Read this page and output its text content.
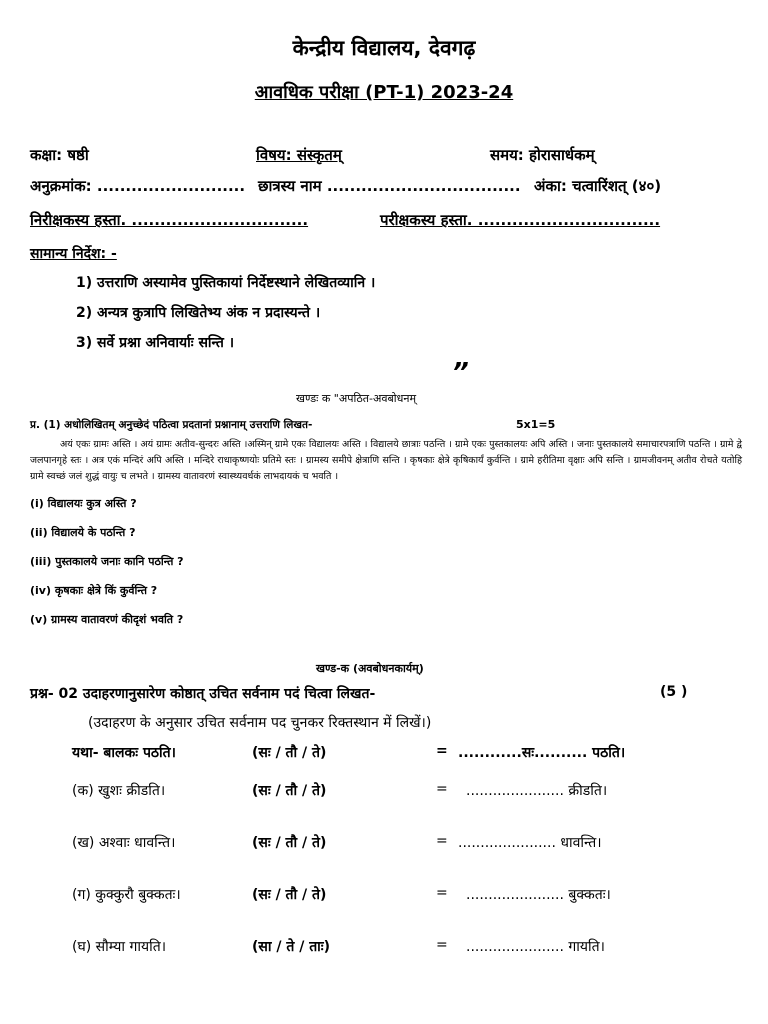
केन्द्रीय विद्यालय, देवगढ़
आवधिक परीक्षा (PT-1) 2023-24
कक्षा: षष्ठी	विषय: संस्कृतम्	समय: होरासार्धकम्
अनुक्रमांक: .......................... छात्रस्य नाम .................................. अंका: चत्वारिंशत् (४०)
निरीक्षकस्य हस्ता. ...............................	परीक्षकस्य हस्ता. ................................
सामान्य निर्देश: -
1) उत्तराणि अस्यामेव पुस्तिकायां निर्देष्टस्थाने लेखितव्यानि ।
2) अन्यत्र कुत्रापि लिखितेभ्य अंक न प्रदास्यन्ते ।
3) सर्वे प्रश्ना अनिवार्याः सन्ति ।
”
खण्डः क "अपठित-अवबोधनम्
प्र. (1) अधोलिखितम् अनुच्छेदं पठित्वा प्रदतानां प्रश्नानाम् उत्तराणि लिखत-	5x1=5
अयं एकः ग्रामः अस्ति । अयं ग्रामः अतीव-सुन्दरः अस्ति ।अस्मिन् ग्रामे एकः विद्यालयः अस्ति । विद्यालये छात्राः पठन्ति । ग्रामे एकः पुस्तकालयः अपि अस्ति । जनाः पुस्तकालये समाचारपत्राणि पठन्ति । ग्रामे द्वे जलपानगृहे स्तः । अत्र एकं मन्दिरं अपि अस्ति । मन्दिरे राधाकृष्णयोः प्रतिमे स्तः । ग्रामस्य समीपे क्षेत्राणि सन्ति । कृषकाः क्षेत्रे कृषिकार्यं कुर्वन्ति । ग्रामे हरीतिमा वृक्षाः अपि सन्ति । ग्रामजीवनम् अतीव रोचते यतोहि ग्रामे स्वच्छं जलं शुद्धं वायुः च लभते । ग्रामस्य वातावरणं स्वास्थ्यवर्धकं लाभदायकं च भवति ।
(i) विद्यालयः कुत्र अस्ति ?
(ii) विद्यालये के पठन्ति ?
(iii) पुस्तकालये जनाः कानि पठन्ति ?
(iv) कृषकाः क्षेत्रे किं कुर्वन्ति ?
(v) ग्रामस्य वातावरणं कीदृशं भवति ?
खण्ड-क (अवबोधनकार्यम्)
प्रश्न- 02 उदाहरणानुसारेण कोष्ठात् उचित सर्वनाम पदं चित्वा लिखत-	(5 )
(उदाहरण के अनुसार उचित सर्वनाम पद चुनकर रिक्तस्थान में लिखें।)
यथा- बालकः पठति।	(सः / तौ / ते)	= ............सः.......... पठति।
(क) खुशः क्रीडति।	(सः / तौ / ते)	= ...................... क्रीडति।
(ख) अश्वाः धावन्ति।	(सः / तौ / ते)	= ...................... धावन्ति।
(ग) कुक्कुरौ बुक्कतः।	(सः / तौ / ते)	= ...................... बुक्कतः।
(घ) सौम्या गायति।	(सा / ते / ताः)	= ...................... गायति।
